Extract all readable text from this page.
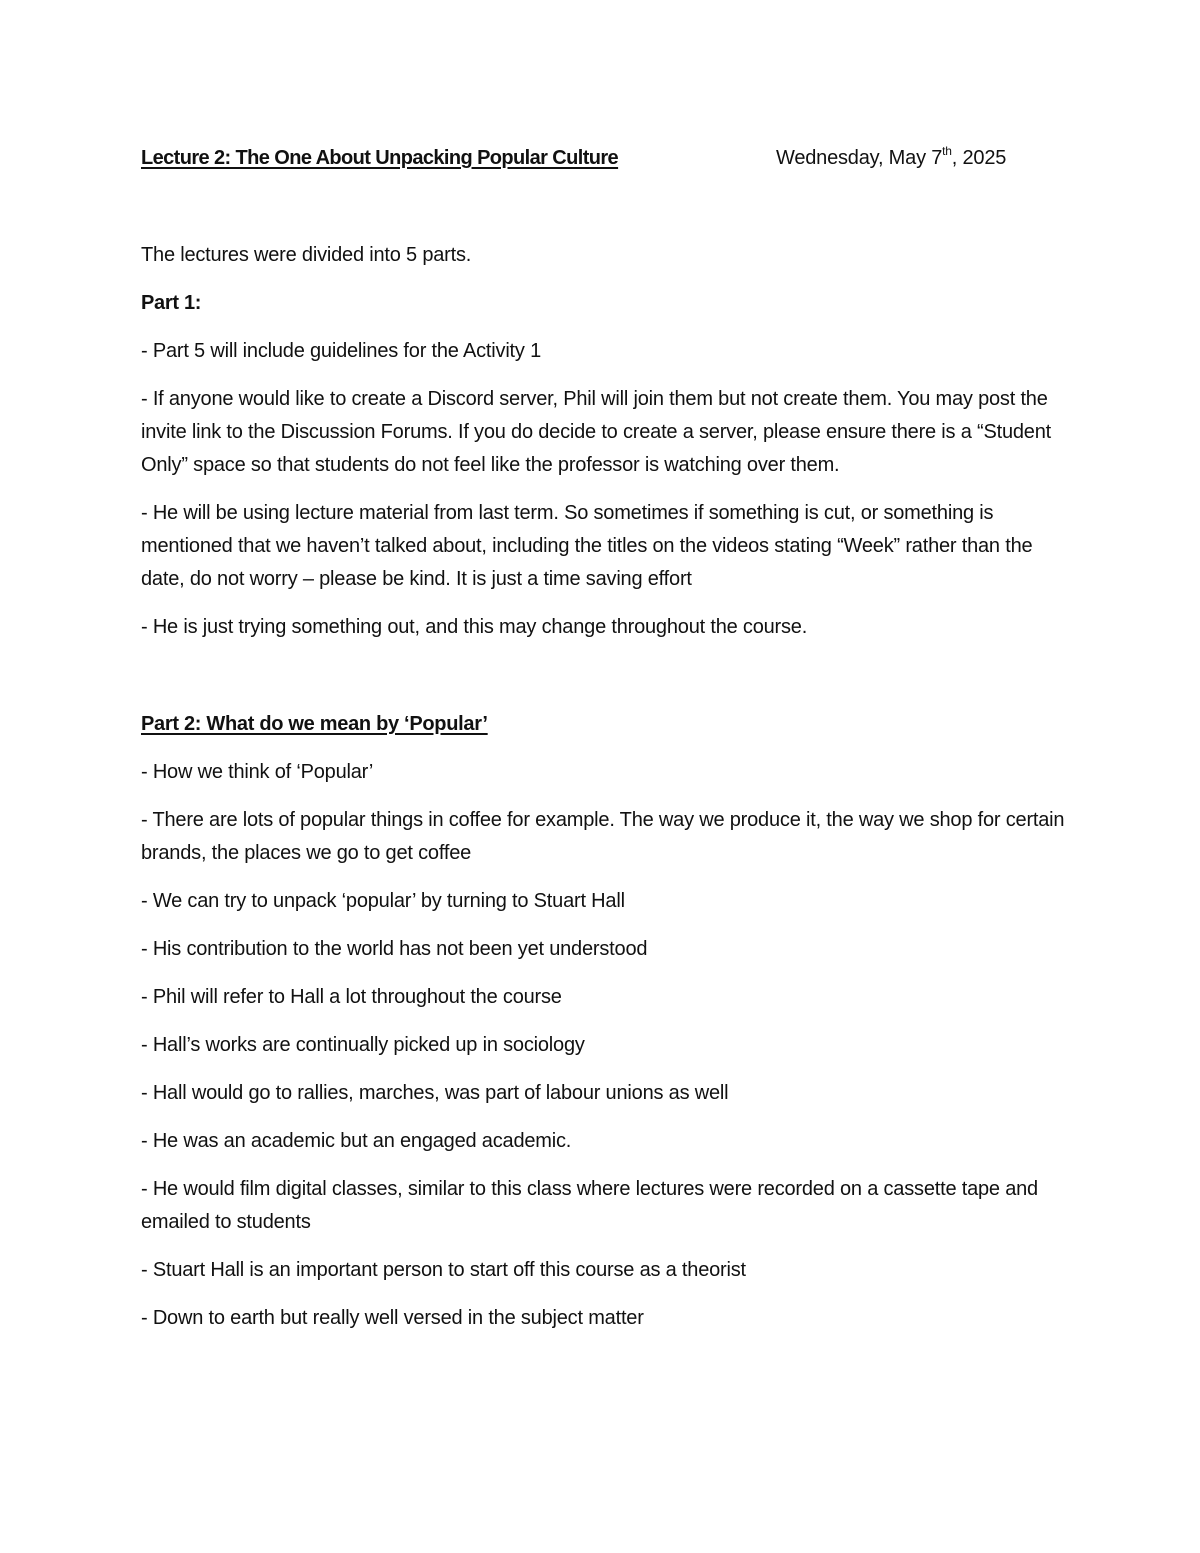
Lecture 2: The One About Unpacking Popular Culture	Wednesday, May 7th, 2025

The lectures were divided into 5 parts.

Part 1:

- Part 5 will include guidelines for the Activity 1

- If anyone would like to create a Discord server, Phil will join them but not create them. You may post the invite link to the Discussion Forums. If you do decide to create a server, please ensure there is a “Student Only” space so that students do not feel like the professor is watching over them.

- He will be using lecture material from last term. So sometimes if something is cut, or something is mentioned that we haven’t talked about, including the titles on the videos stating “Week” rather than the date, do not worry – please be kind. It is just a time saving effort

- He is just trying something out, and this may change throughout the course.

Part 2: What do we mean by ‘Popular’

- How we think of ‘Popular’

- There are lots of popular things in coffee for example. The way we produce it, the way we shop for certain brands, the places we go to get coffee

- We can try to unpack ‘popular’ by turning to Stuart Hall

- His contribution to the world has not been yet understood

- Phil will refer to Hall a lot throughout the course

- Hall’s works are continually picked up in sociology

- Hall would go to rallies, marches, was part of labour unions as well

- He was an academic but an engaged academic.

- He would film digital classes, similar to this class where lectures were recorded on a cassette tape and emailed to students

- Stuart Hall is an important person to start off this course as a theorist

- Down to earth but really well versed in the subject matter
